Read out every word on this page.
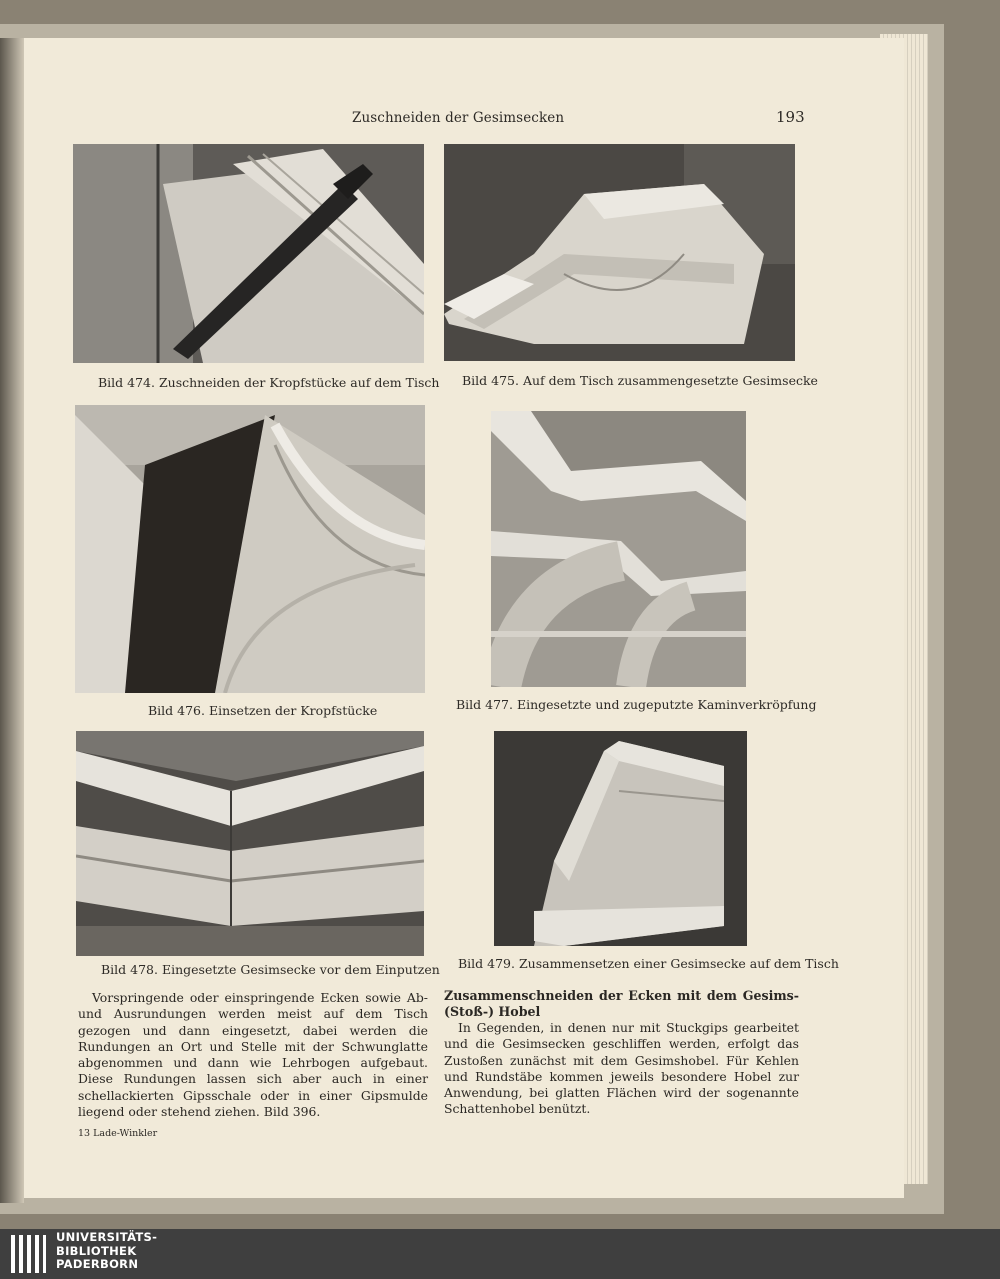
Zuschneiden der Gesimsecken	193
Bild 474. Zuschneiden der Kropfstücke auf dem Tisch Bild 475. Auf dem Tisch zusammengesetzte Gesimsecke
Bild 476. Einsetzen der Kropfstücke	Bild 477. Eingesetzte und zugeputzte Kaminverkröpfung
Bild 478. Eingesetzte Gesimsecke vor dem Einputzen Bild 479. Zusammensetzen einer Gesimsecke auf dem Tisch

Vorspringende oder einspringende Ecken sowie Ab- und Ausrundungen werden meist auf dem Tisch gezogen und dann eingesetzt, dabei werden die Rundungen an Ort und Stelle mit der Schwunglatte abgenommen und dann wie Lehrbogen aufgebaut. Diese Rundungen lassen sich aber auch in einer schellackierten Gipsschale oder in einer Gipsmulde liegend oder stehend ziehen. Bild 396.

Zusammenschneiden der Ecken mit dem Gesims- (Stoß-) Hobel

In Gegenden, in denen nur mit Stuckgips gearbeitet und die Gesimsecken geschliffen werden, erfolgt das Zustoßen zunächst mit dem Gesimshobel. Für Kehlen und Rundstäbe kommen jeweils besondere Hobel zur Anwendung, bei glatten Flächen wird der sogenannte Schattenhobel benützt.

13 Lade-Winkler
UNIVERSITÄTS-
BIBLIOTHEK
PADERBORN
